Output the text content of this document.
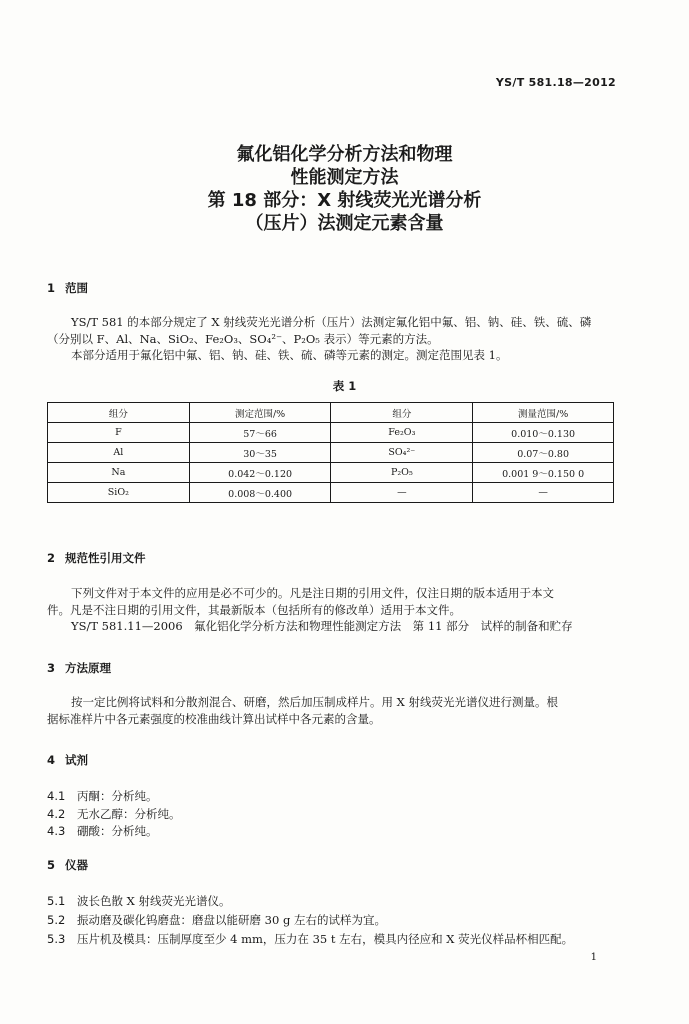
YS/T 581.18—2012
氟化铝化学分析方法和物理
性能测定方法
第 18 部分：X 射线荧光光谱分析
（压片）法测定元素含量
1 范围
YS/T 581 的本部分规定了 X 射线荧光光谱分析（压片）法测定氟化铝中氟、铝、钠、硅、铁、硫、磷
（分别以 F、Al、Na、SiO₂、Fe₂O₃、SO₄²⁻、P₂O₅ 表示）等元素的方法。
本部分适用于氟化铝中氟、铝、钠、硅、铁、硫、磷等元素的测定。测定范围见表 1。
表 1
组分	测定范围/%	组分	测量范围/%
F	57～66	Fe₂O₃	0.010～0.130
Al	30～35	SO₄²⁻	0.07～0.80
Na	0.042～0.120	P₂O₅	0.001 9～0.150 0
SiO₂	0.008～0.400	—	—
2 规范性引用文件
下列文件对于本文件的应用是必不可少的。凡是注日期的引用文件，仅注日期的版本适用于本文
件。凡是不注日期的引用文件，其最新版本（包括所有的修改单）适用于本文件。
YS/T 581.11—2006　氟化铝化学分析方法和物理性能测定方法　第 11 部分　试样的制备和贮存
3 方法原理
按一定比例将试料和分散剂混合、研磨，然后加压制成样片。用 X 射线荧光光谱仪进行测量。根
据标准样片中各元素强度的校准曲线计算出试样中各元素的含量。
4 试剂
4.1 丙酮：分析纯。
4.2 无水乙醇：分析纯。
4.3 硼酸：分析纯。
5 仪器
5.1 波长色散 X 射线荧光光谱仪。
5.2 振动磨及碳化钨磨盘：磨盘以能研磨 30 g 左右的试样为宜。
5.3 压片机及模具：压制厚度至少 4 mm，压力在 35 t 左右，模具内径应和 X 荧光仪样品杯相匹配。
1
